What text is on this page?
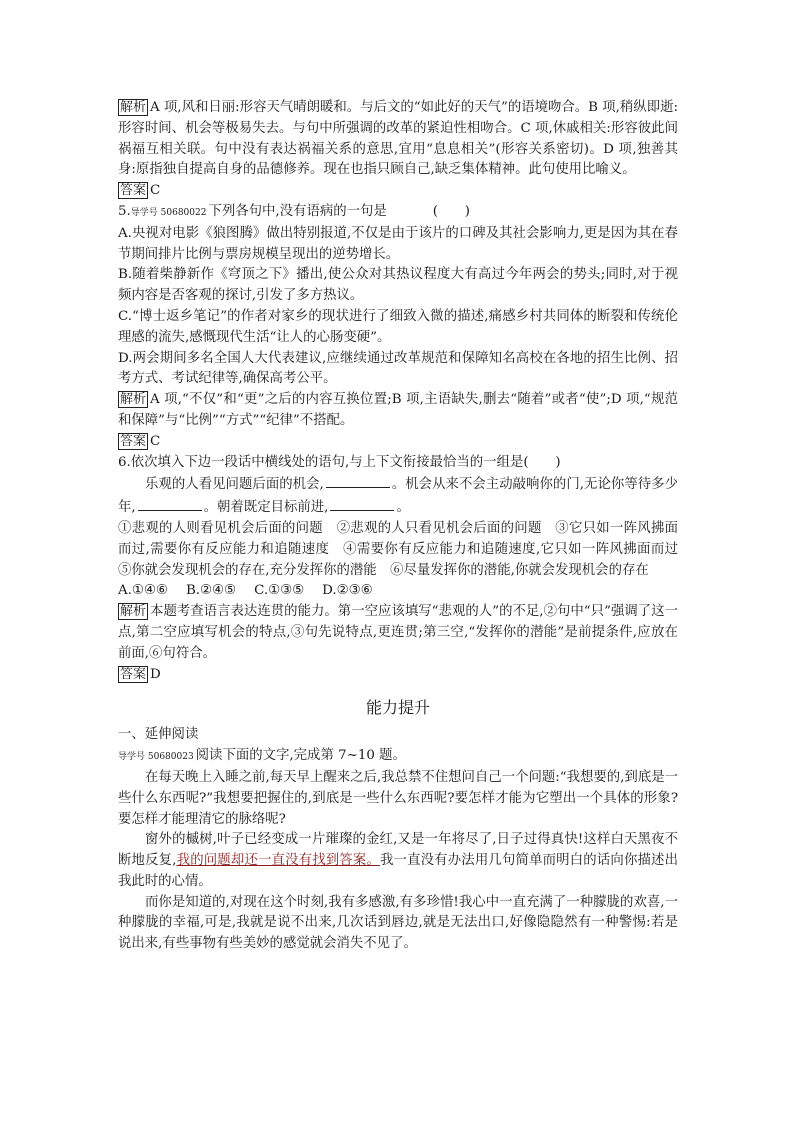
解析 A 项,风和日丽:形容天气晴朗暖和。与后文的“如此好的天气”的语境吻合。B 项,稍纵即逝:形容时间、机会等极易失去。与句中所强调的改革的紧迫性相吻合。C 项,休戚相关:形容彼此间祸福互相关联。句中没有表达祸福关系的意思,宜用“息息相关”(形容关系密切)。D 项,独善其身:原指独自提高自身的品德修养。现在也指只顾自己,缺乏集体精神。此句使用比喻义。

答案 C

5.导学号 50680022 下列各句中,没有语病的一句是	(　　)

A.央视对电影《狼图腾》做出特别报道,不仅是由于该片的口碑及其社会影响力,更是因为其在春节期间排片比例与票房规模呈现出的逆势增长。

B.随着柴静新作《穹顶之下》播出,使公众对其热议程度大有高过今年两会的势头;同时,对于视频内容是否客观的探讨,引发了多方热议。

C.“博士返乡笔记”的作者对家乡的现状进行了细致入微的描述,痛感乡村共同体的断裂和传统伦理感的流失,感慨现代生活“让人的心肠变硬”。

D.两会期间多名全国人大代表建议,应继续通过改革规范和保障知名高校在各地的招生比例、招考方式、考试纪律等,确保高考公平。

解析 A 项,“不仅”和“更”之后的内容互换位置;B 项,主语缺失,删去“随着”或者“使”;D 项,“规范和保障”与“比例”“方式”“纪律”不搭配。

答案 C

6.依次填入下边一段话中横线处的语句,与上下文衔接最恰当的一组是(　　)

乐观的人看见问题后面的机会,	。机会从来不会主动敲响你的门,无论你等待多少年,	。朝着既定目标前进,	。

①悲观的人则看见机会后面的问题　②悲观的人只看见机会后面的问题　③它只如一阵风拂面而过,需要你有反应能力和追随速度　④需要你有反应能力和追随速度,它只如一阵风拂面而过　⑤你就会发现机会的存在,充分发挥你的潜能　⑥尽量发挥你的潜能,你就会发现机会的存在

A.①④⑥ B.②④⑤ C.①③⑤ D.②③⑥

解析 本题考查语言表达连贯的能力。第一空应该填写“悲观的人”的不足,②句中“只”强调了这一点,第二空应填写机会的特点,③句先说特点,更连贯;第三空,“发挥你的潜能”是前提条件,应放在前面,⑥句符合。

答案 D

能力提升

一、延伸阅读

导学号 50680023 阅读下面的文字,完成第 7~10 题。

在每天晚上入睡之前,每天早上醒来之后,我总禁不住想问自己一个问题:“我想要的,到底是一些什么东西呢?”我想要把握住的,到底是一些什么东西呢?要怎样才能为它塑出一个具体的形象?要怎样才能理清它的脉络呢?

窗外的槭树,叶子已经变成一片璀璨的金红,又是一年将尽了,日子过得真快!这样白天黑夜不断地反复,我的问题却还一直没有找到答案。我一直没有办法用几句简单而明白的话向你描述出我此时的心情。

而你是知道的,对现在这个时刻,我有多感激,有多珍惜!我心中一直充满了一种朦胧的欢喜,一种朦胧的幸福,可是,我就是说不出来,几次话到唇边,就是无法出口,好像隐隐然有一种警惕:若是说出来,有些事物有些美妙的感觉就会消失不见了。
